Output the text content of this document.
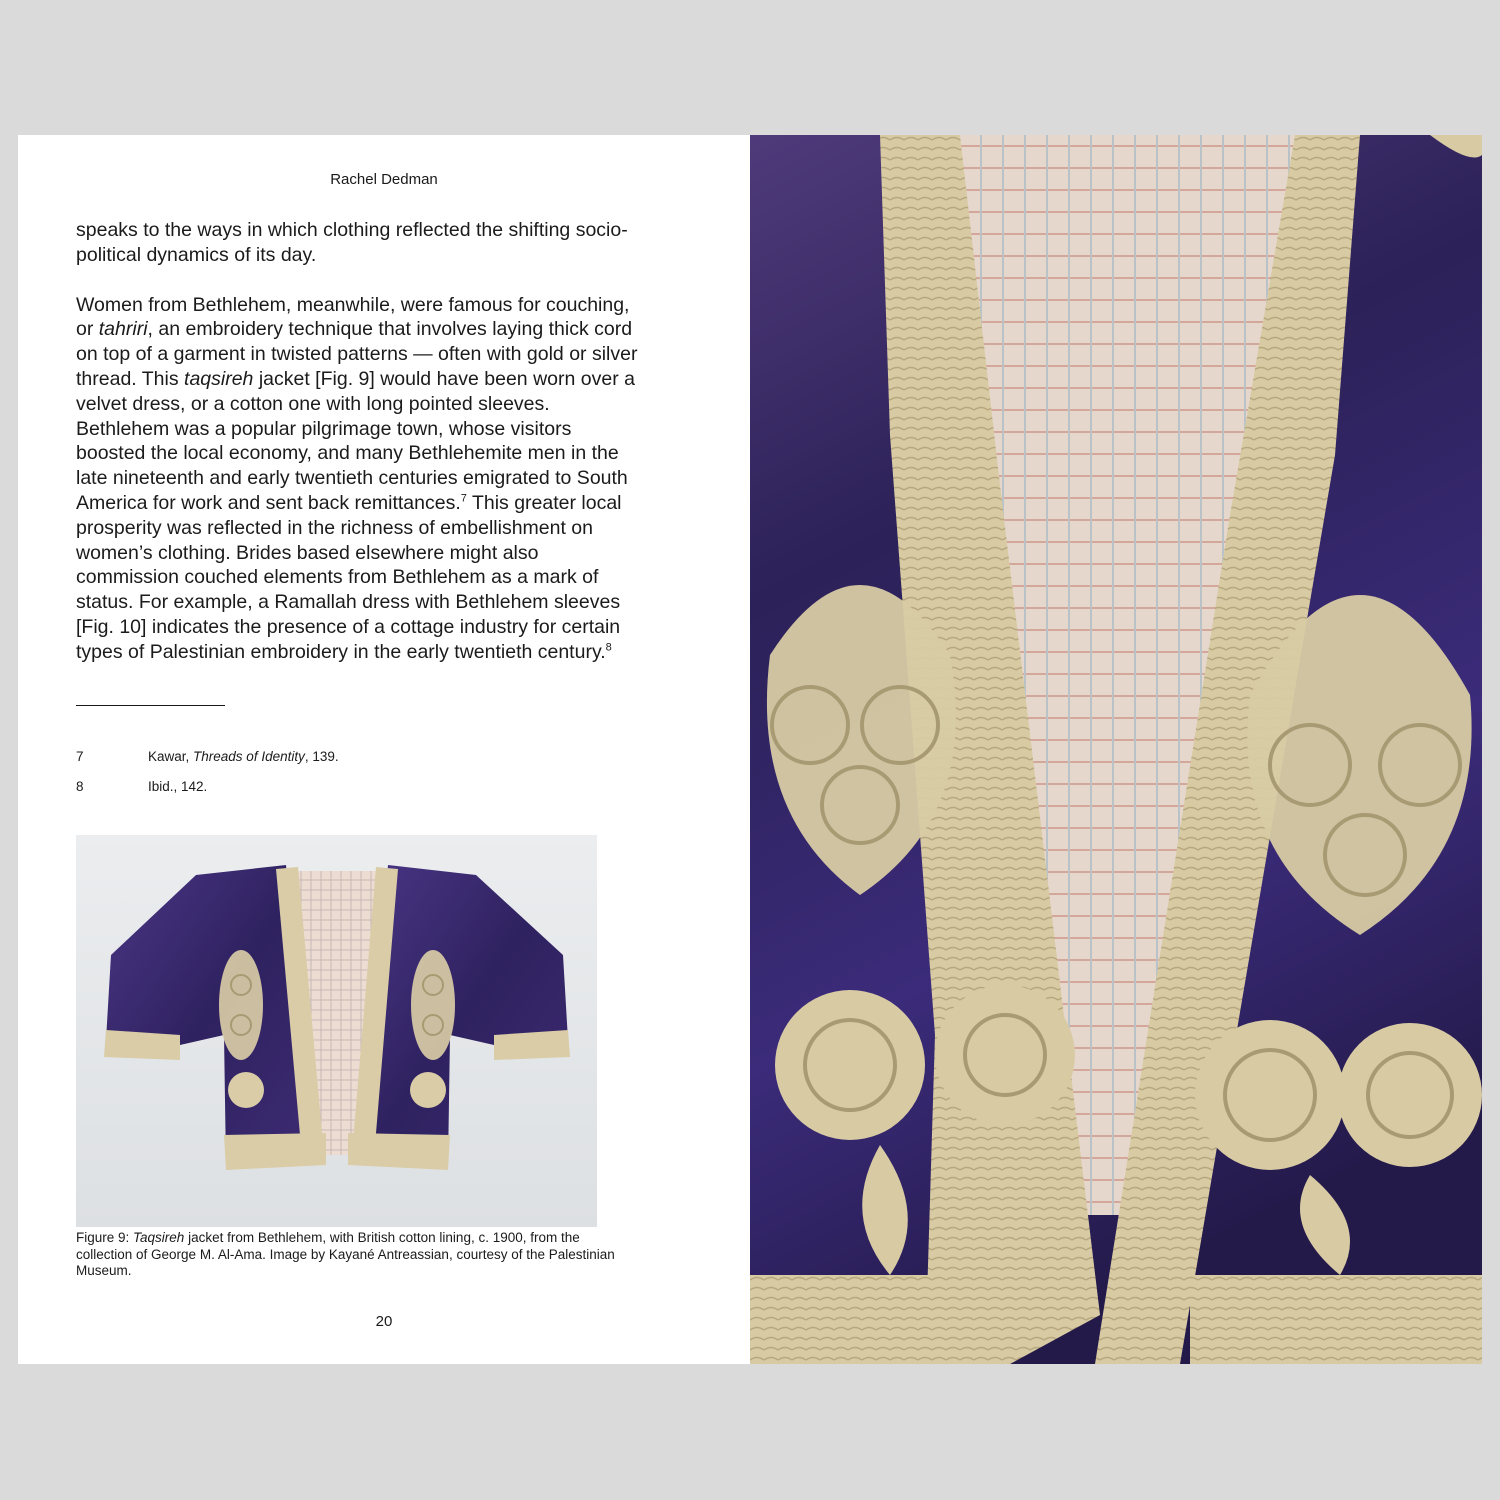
Rachel Dedman

speaks to the ways in which clothing reflected the shifting socio-political dynamics of its day.

Women from Bethlehem, meanwhile, were famous for couching, or tahriri, an embroidery technique that involves laying thick cord on top of a garment in twisted patterns — often with gold or silver thread. This taqsireh jacket [Fig. 9] would have been worn over a velvet dress, or a cotton one with long pointed sleeves. Bethlehem was a popular pilgrimage town, whose visitors boosted the local economy, and many Bethlehemite men in the late nineteenth and early twentieth centuries emigrated to South America for work and sent back remittances.$^7$ This greater local prosperity was reflected in the richness of embellishment on women’s clothing. Brides based elsewhere might also commission couched elements from Bethlehem as a mark of status. For example, a Ramallah dress with Bethlehem sleeves [Fig. 10] indicates the presence of a cottage industry for certain types of Palestinian embroidery in the early twentieth century.$^8$

7	Kawar, Threads of Identity, 139.
8	Ibid., 142.
Figure 9: Taqsireh jacket from Bethlehem, with British cotton lining, c. 1900, from the collection of George M. Al-Ama. Image by Kayané Antreassian, courtesy of the Palestinian Museum.
20
